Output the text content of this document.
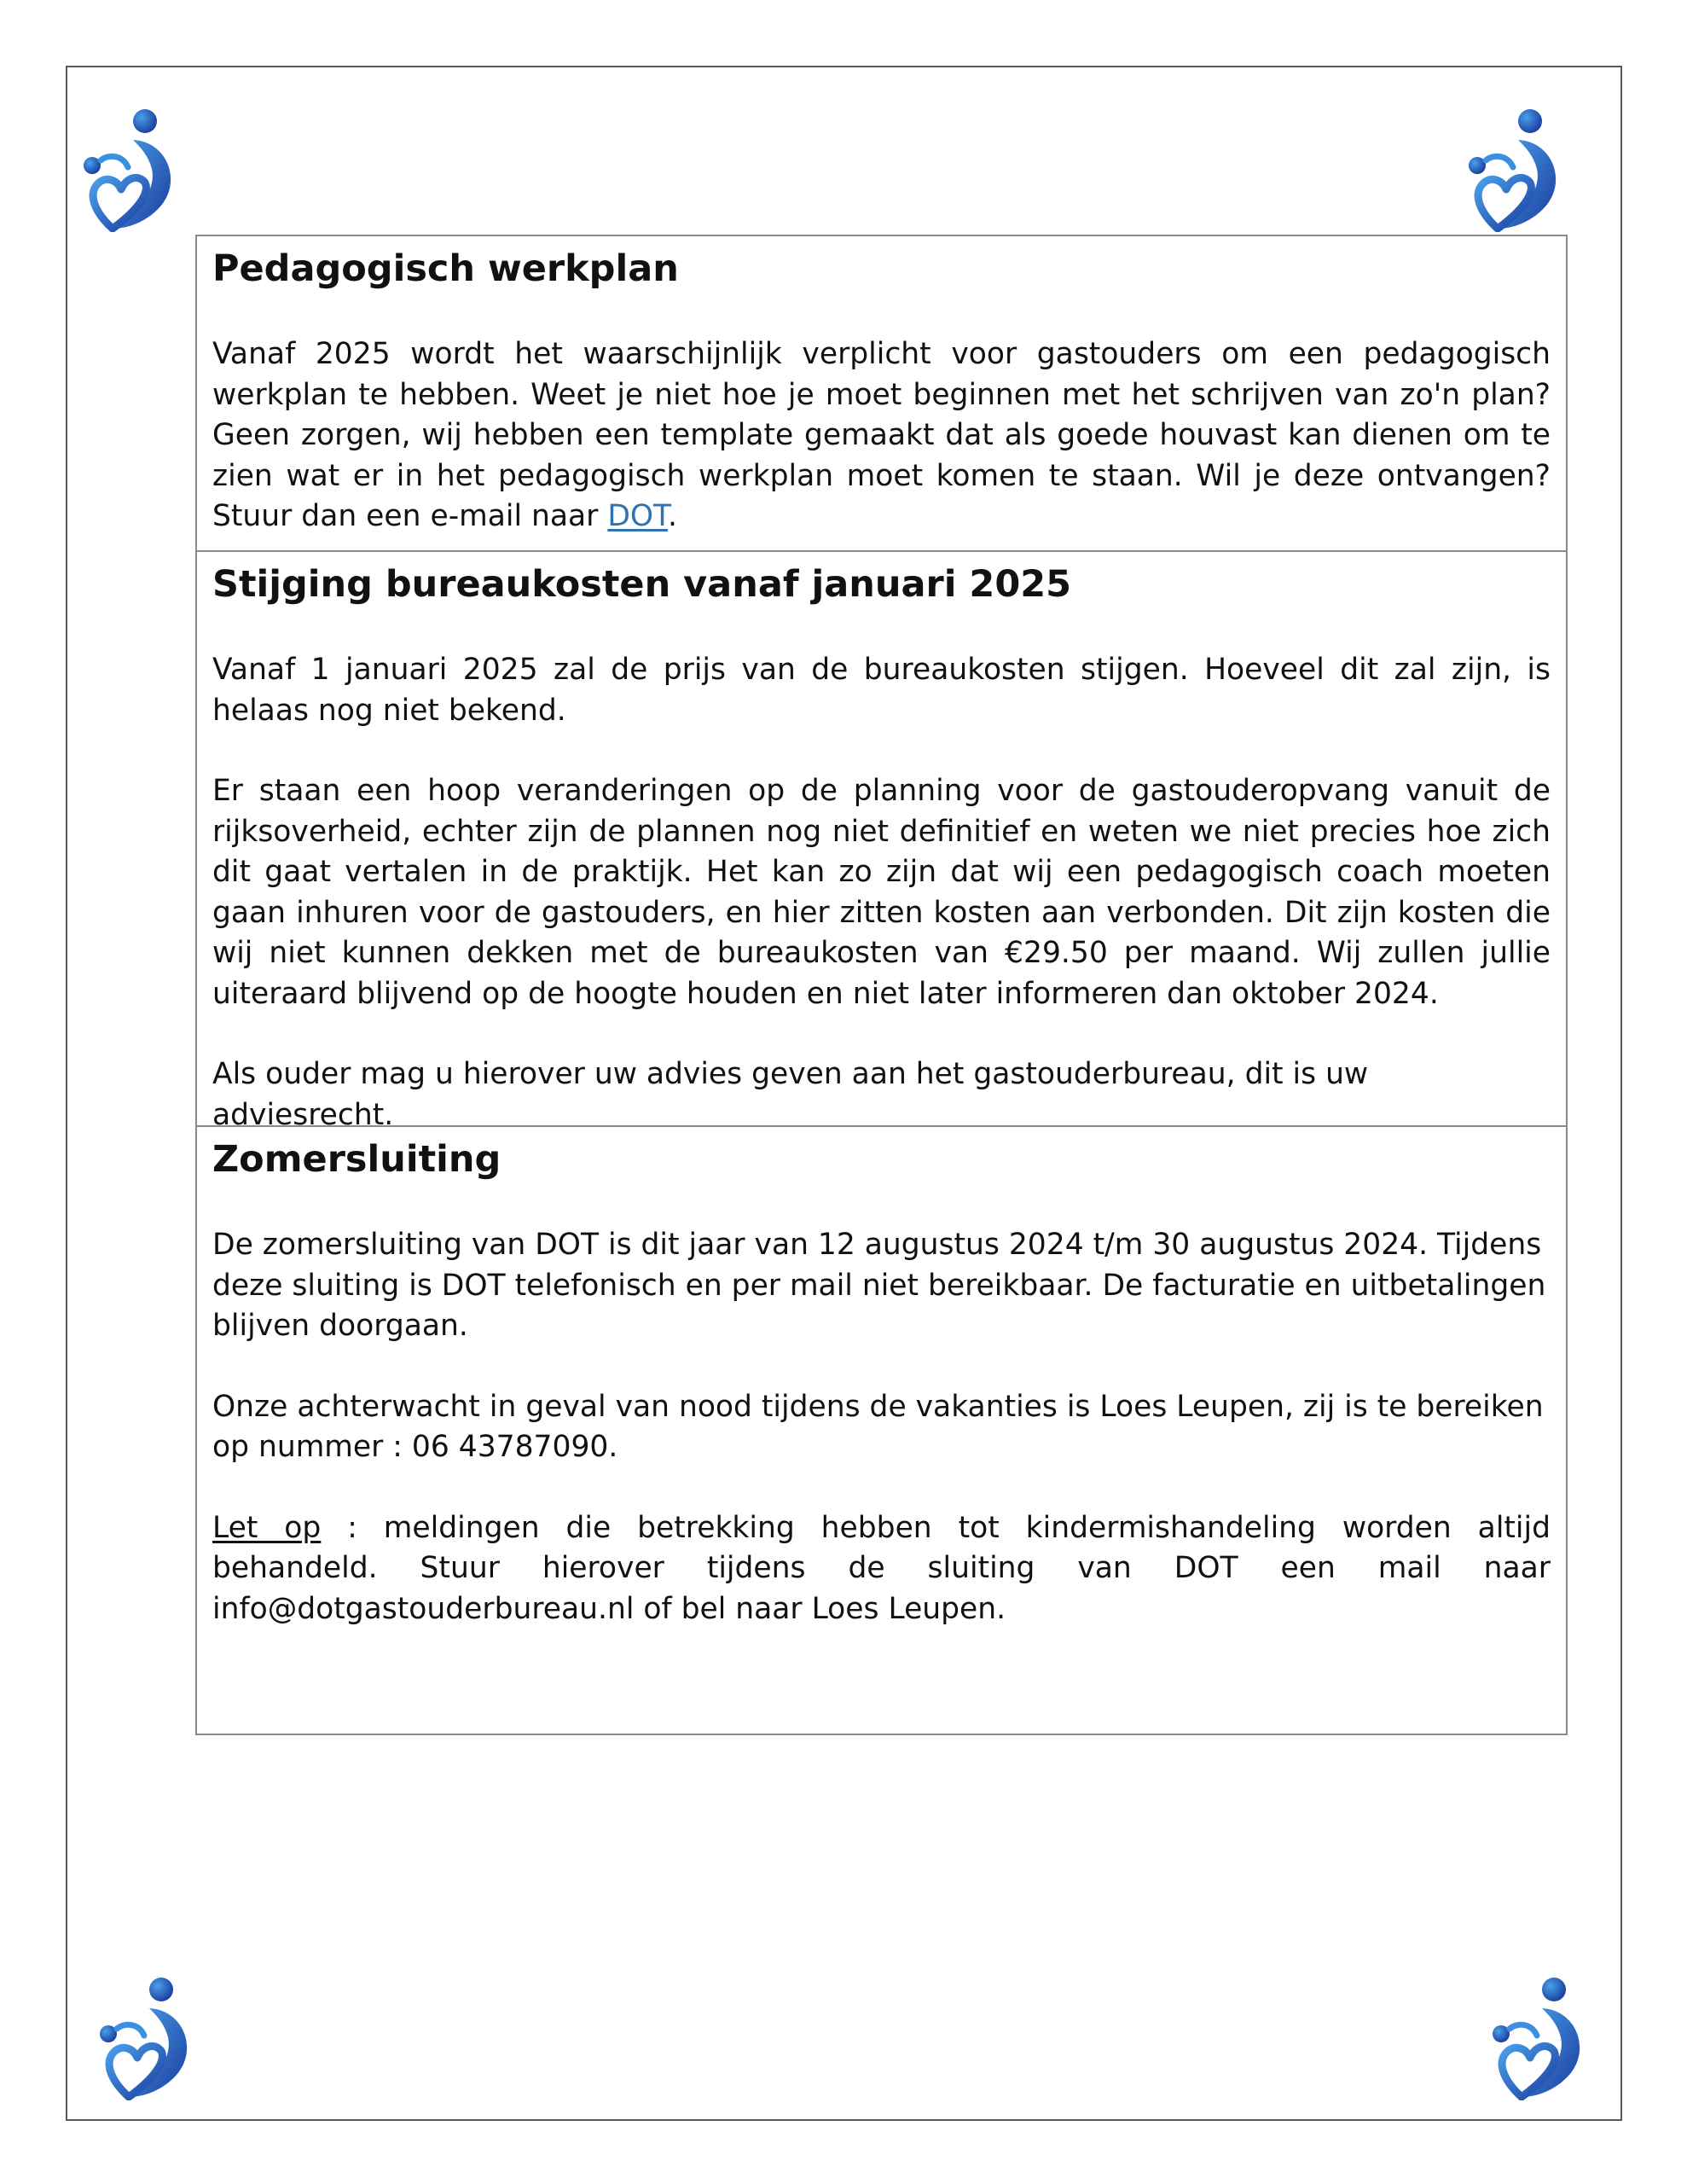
Pedagogisch werkplan

Vanaf 2025 wordt het waarschijnlijk verplicht voor gastouders om een pedagogisch werkplan te hebben. Weet je niet hoe je moet beginnen met het schrijven van zo'n plan? Geen zorgen, wij hebben een template gemaakt dat als goede houvast kan dienen om te zien wat er in het pedagogisch werkplan moet komen te staan. Wil je deze ontvangen? Stuur dan een e-mail naar DOT.

Stijging bureaukosten vanaf januari 2025

Vanaf 1 januari 2025 zal de prijs van de bureaukosten stijgen. Hoeveel dit zal zijn, is helaas nog niet bekend.

Er staan een hoop veranderingen op de planning voor de gastouderopvang vanuit de rijksoverheid, echter zijn de plannen nog niet definitief en weten we niet precies hoe zich dit gaat vertalen in de praktijk. Het kan zo zijn dat wij een pedagogisch coach moeten gaan inhuren voor de gastouders, en hier zitten kosten aan verbonden. Dit zijn kosten die wij niet kunnen dekken met de bureaukosten van €29.50 per maand. Wij zullen jullie uiteraard blijvend op de hoogte houden en niet later informeren dan oktober 2024.

Als ouder mag u hierover uw advies geven aan het gastouderbureau, dit is uw adviesrecht.

Zomersluiting

De zomersluiting van DOT is dit jaar van 12 augustus 2024 t/m 30 augustus 2024. Tijdens deze sluiting is DOT telefonisch en per mail niet bereikbaar. De facturatie en uitbetalingen blijven doorgaan.

Onze achterwacht in geval van nood tijdens de vakanties is Loes Leupen, zij is te bereiken op nummer : 06 43787090.

Let op : meldingen die betrekking hebben tot kindermishandeling worden altijd behandeld. Stuur hierover tijdens de sluiting van DOT een mail naar info@dotgastouderbureau.nl of bel naar Loes Leupen.
